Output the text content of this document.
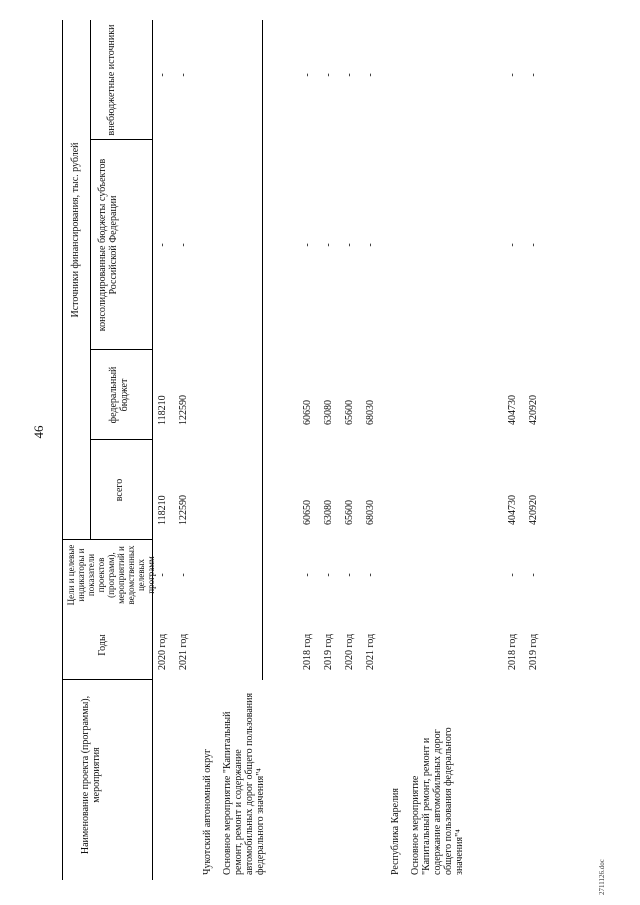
46
2711126.doc
Наименование проекта (программы), мероприятия
Годы
Цели и целевые индикаторы и показатели проектов (программ), мероприятий и ведомственных целевых программ
Источники финансирования, тыс. рублей
всего
федеральный бюджет
консолидированные бюджеты субъектов Российской Федерации
внебюджетные источники
2020 год
-
118210
118210
-
-
2021 год
-
122590
122590
-
-
Чукотский автономный округ Основное мероприятие "Капитальный ремонт, ремонт и содержание автомобильных дорог общего пользования федерального значения"⁴
2018 год
-
60650
60650
-
-
2019 год
-
63080
63080
-
-
2020 год
-
65600
65600
-
-
2021 год
-
68030
68030
-
-
Республика Карелия Основное мероприятие "Капитальный ремонт, ремонт и содержание автомобильных дорог общего пользования федерального значения"⁴
2018 год
-
404730
404730
-
-
2019 год
-
420920
420920
-
-
